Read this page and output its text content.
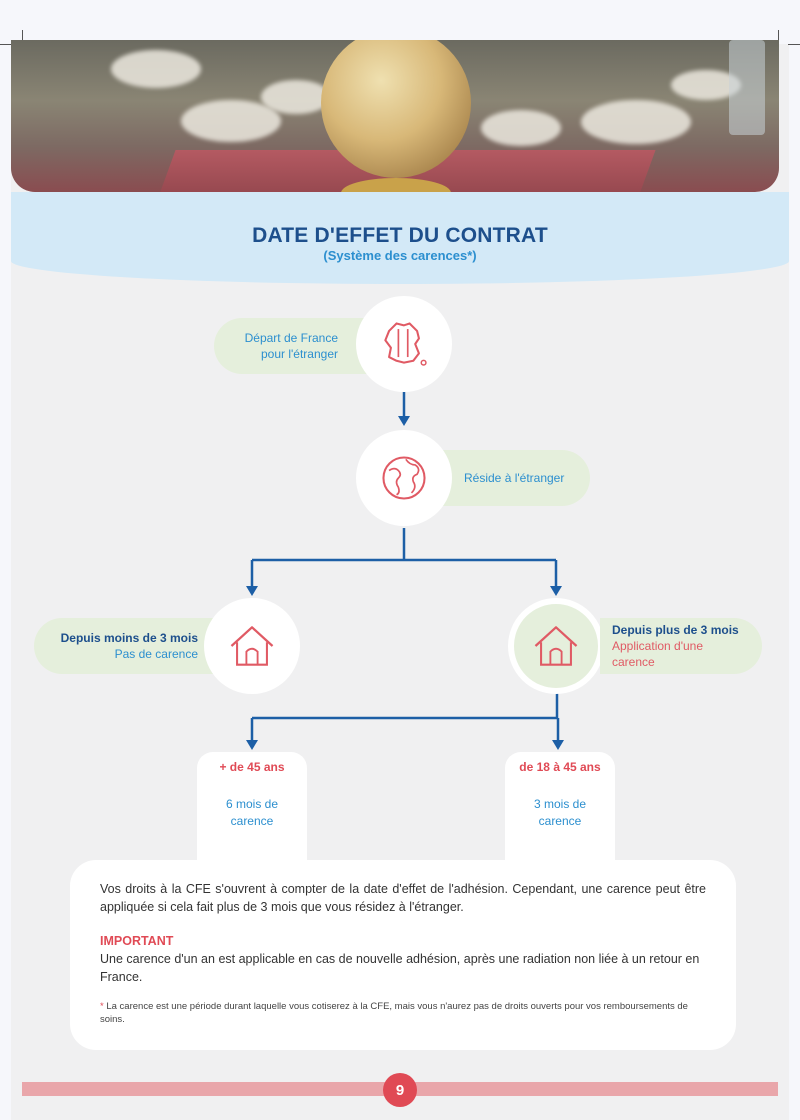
DATE D'EFFET DU CONTRAT
(Système des carences*)
Départ de France
pour l'étranger
Réside à l'étranger
Depuis moins de 3 mois
Pas de carence
Depuis plus de 3 mois
Application d'une
carence
+ de 45 ans
6 mois de
carence
de 18 à 45 ans
3 mois de
carence

Vos droits à la CFE s'ouvrent à compter de la date d'effet de l'adhésion. Cependant, une carence peut être appliquée si cela fait plus de 3 mois que vous résidez à l'étranger.

IMPORTANT

Une carence d'un an est applicable en cas de nouvelle adhésion, après une radiation non liée à un retour en France.

* La carence est une période durant laquelle vous cotiserez à la CFE, mais vous n'aurez pas de droits ouverts pour vos remboursements de soins.

9
